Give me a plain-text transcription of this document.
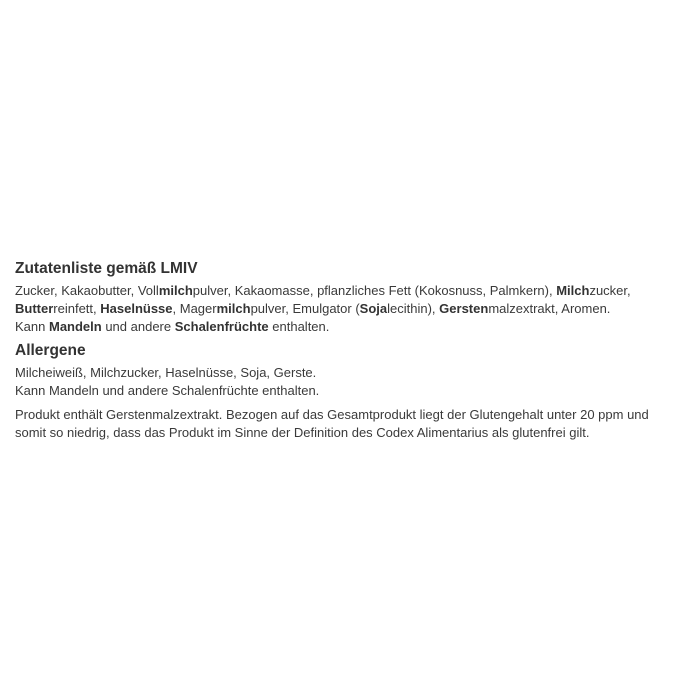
Zutatenliste gemäß LMIV

Zucker, Kakaobutter, Vollmilchpulver, Kakaomasse, pflanzliches Fett (Kokosnuss, Palmkern), Milchzucker,
Butterreinfett, Haselnüsse, Magermilchpulver, Emulgator (Sojalecithin), Gerstenmalzextrakt, Aromen.
Kann Mandeln und andere Schalenfrüchte enthalten.

Allergene

Milcheiweiß, Milchzucker, Haselnüsse, Soja, Gerste.
Kann Mandeln und andere Schalenfrüchte enthalten.

Produkt enthält Gerstenmalzextrakt. Bezogen auf das Gesamtprodukt liegt der Glutengehalt unter 20 ppm und
somit so niedrig, dass das Produkt im Sinne der Definition des Codex Alimentarius als glutenfrei gilt.
